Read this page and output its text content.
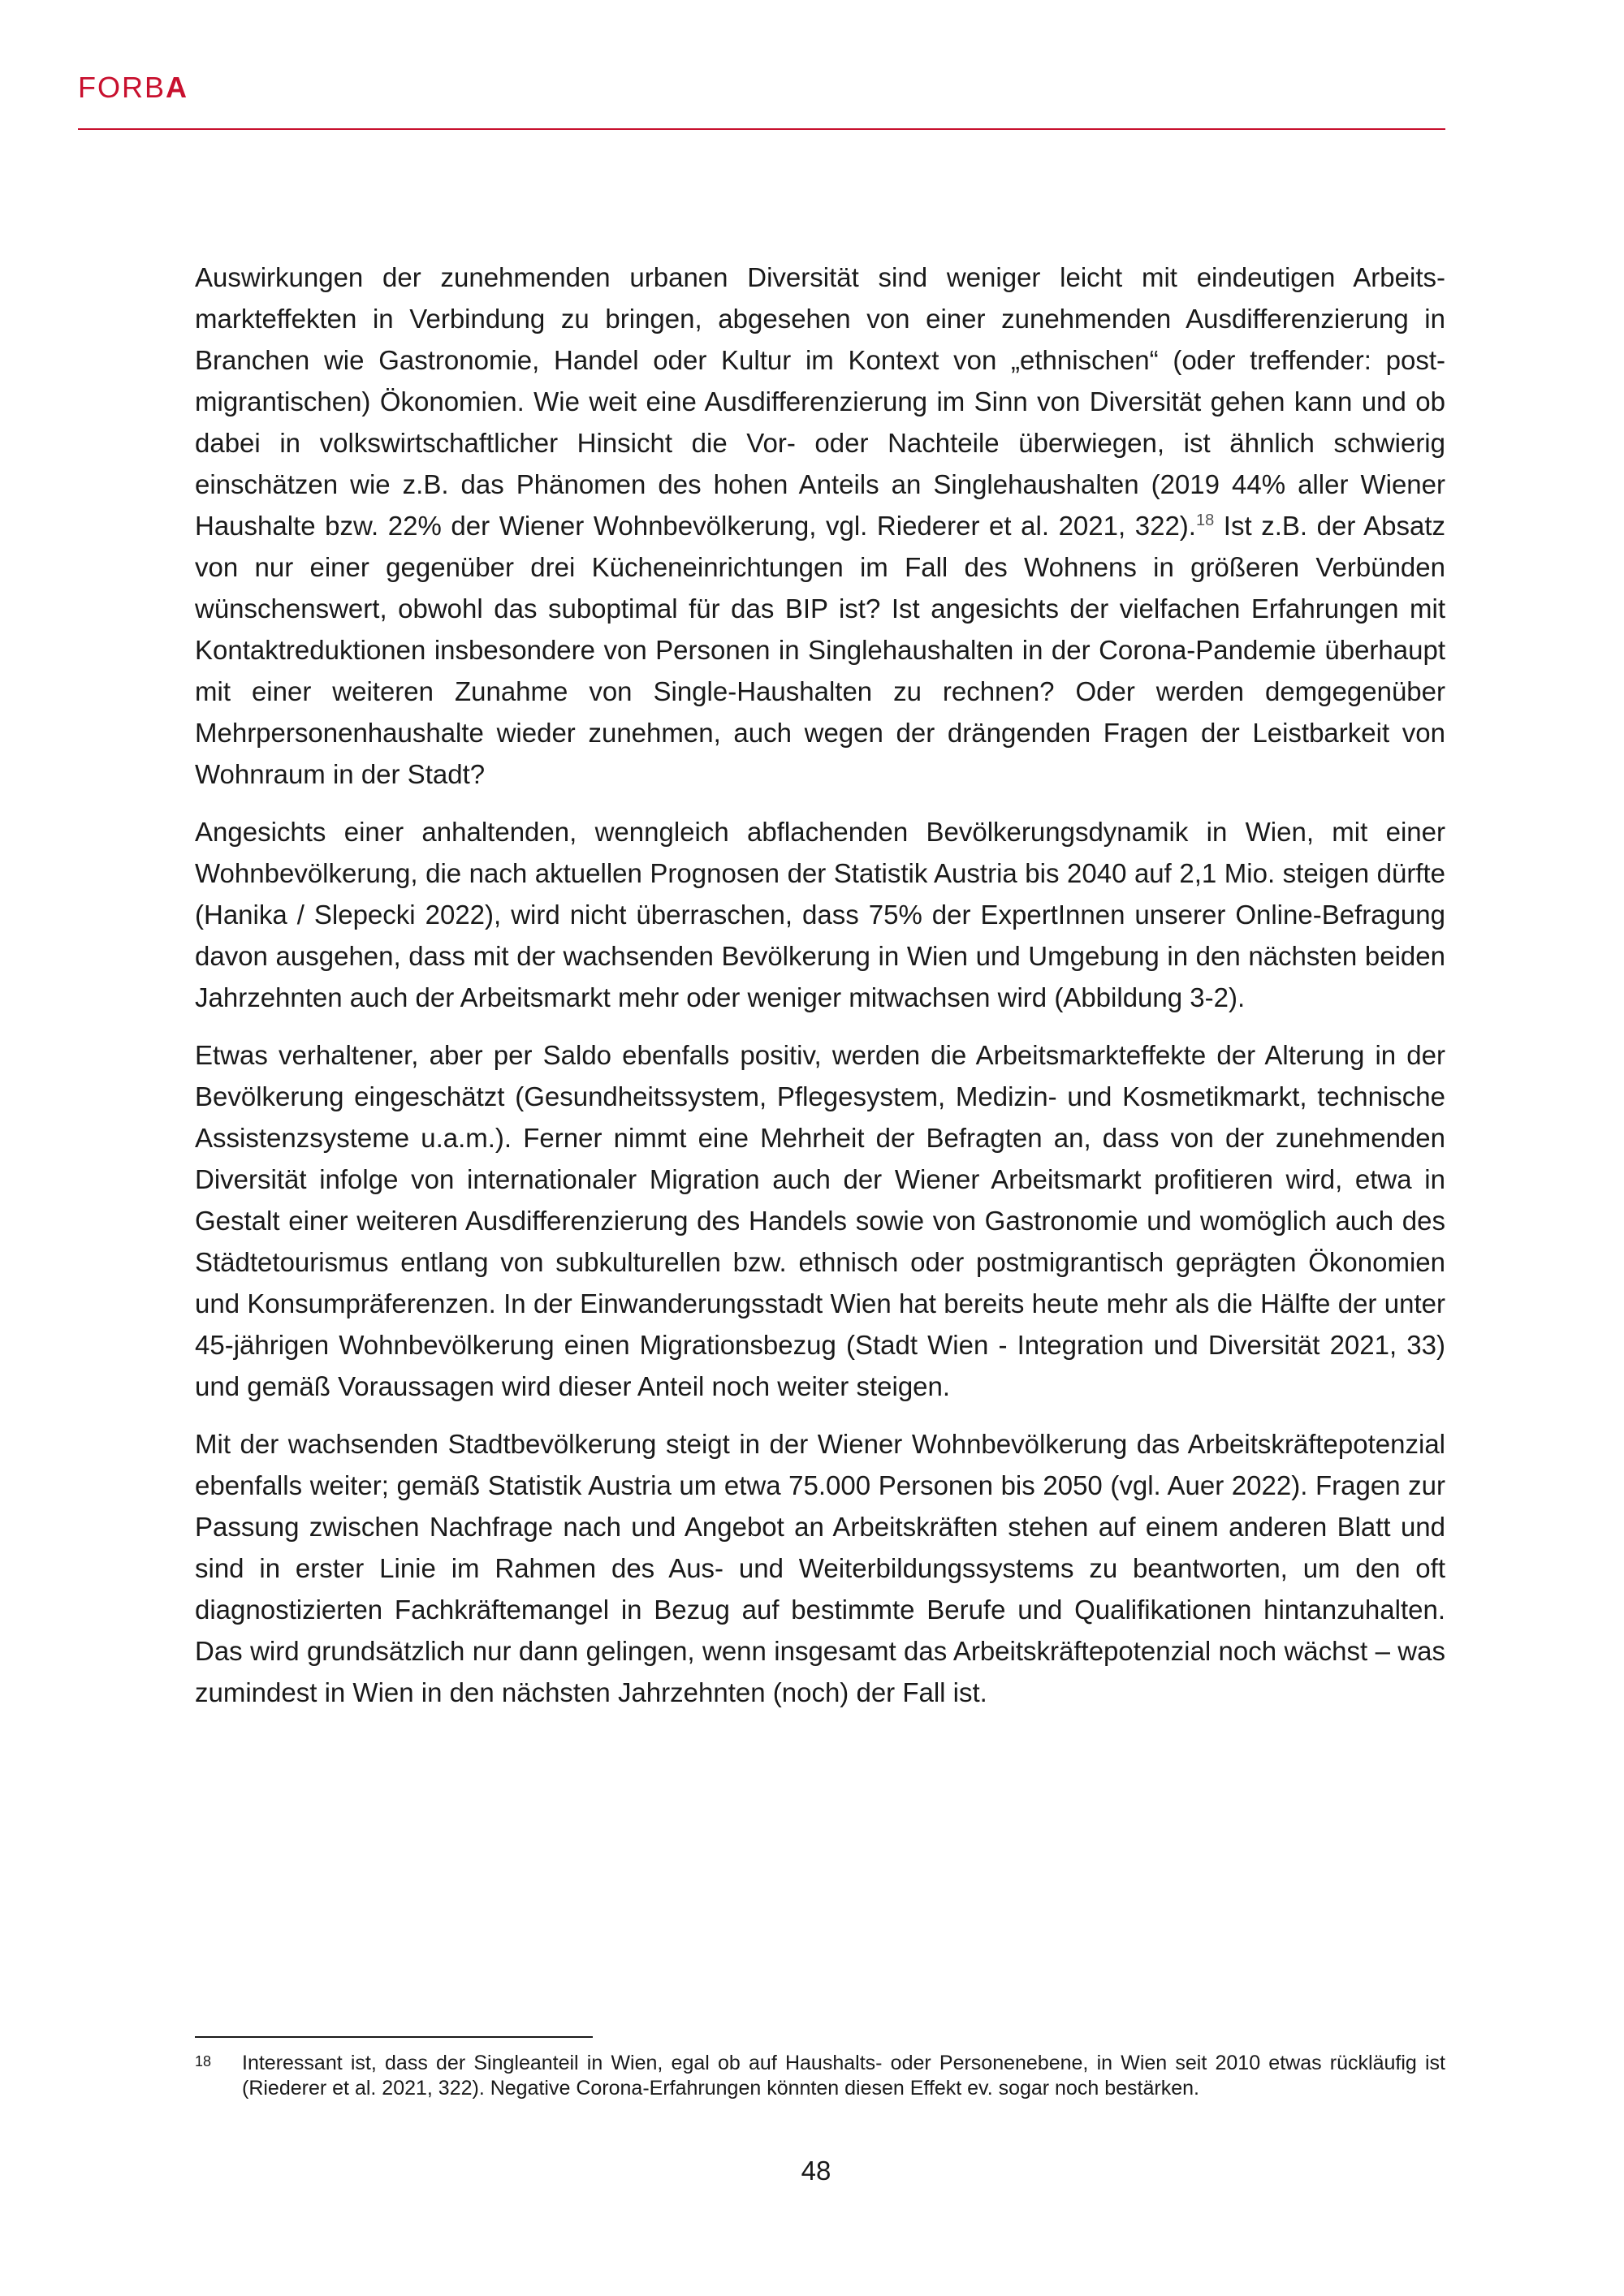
FORBA

Auswirkungen der zunehmenden urbanen Diversität sind weniger leicht mit eindeutigen Arbeitsmarkteffekten in Verbindung zu bringen, abgesehen von einer zunehmenden Ausdifferenzierung in Branchen wie Gastronomie, Handel oder Kultur im Kontext von „ethnischen“ (oder treffender: postmigrantischen) Ökonomien. Wie weit eine Ausdifferenzierung im Sinn von Diversität gehen kann und ob dabei in volkswirtschaftlicher Hinsicht die Vor- oder Nachteile überwiegen, ist ähnlich schwierig einschätzen wie z.B. das Phänomen des hohen Anteils an Singlehaushalten (2019 44% aller Wiener Haushalte bzw. 22% der Wiener Wohnbevölkerung, vgl. Riederer et al. 2021, 322).$^{18}$ Ist z.B. der Absatz von nur einer gegenüber drei Kücheneinrichtungen im Fall des Wohnens in größeren Verbünden wünschenswert, obwohl das suboptimal für das BIP ist? Ist angesichts der vielfachen Erfahrungen mit Kontaktreduktionen insbesondere von Personen in Singlehaushalten in der Corona-Pandemie überhaupt mit einer weiteren Zunahme von Single-Haushalten zu rechnen? Oder werden demgegenüber Mehrpersonenhaushalte wieder zunehmen, auch wegen der drängenden Fragen der Leistbarkeit von Wohnraum in der Stadt?

Angesichts einer anhaltenden, wenngleich abflachenden Bevölkerungsdynamik in Wien, mit einer Wohnbevölkerung, die nach aktuellen Prognosen der Statistik Austria bis 2040 auf 2,1 Mio. steigen dürfte (Hanika / Slepecki 2022), wird nicht überraschen, dass 75% der ExpertInnen unserer Online-Befragung davon ausgehen, dass mit der wachsenden Bevölkerung in Wien und Umgebung in den nächsten beiden Jahrzehnten auch der Arbeitsmarkt mehr oder weniger mitwachsen wird (Abbildung 3-2).

Etwas verhaltener, aber per Saldo ebenfalls positiv, werden die Arbeitsmarkteffekte der Alterung in der Bevölkerung eingeschätzt (Gesundheitssystem, Pflegesystem, Medizin- und Kosmetikmarkt, technische Assistenzsysteme u.a.m.). Ferner nimmt eine Mehrheit der Befragten an, dass von der zunehmenden Diversität infolge von internationaler Migration auch der Wiener Arbeitsmarkt profitieren wird, etwa in Gestalt einer weiteren Ausdifferenzierung des Handels sowie von Gastronomie und womöglich auch des Städtetourismus entlang von subkulturellen bzw. ethnisch oder postmigrantisch geprägten Ökonomien und Konsumpräferenzen. In der Einwanderungsstadt Wien hat bereits heute mehr als die Hälfte der unter 45-jährigen Wohnbevölkerung einen Migrationsbezug (Stadt Wien - Integration und Diversität 2021, 33) und gemäß Voraussagen wird dieser Anteil noch weiter steigen.

Mit der wachsenden Stadtbevölkerung steigt in der Wiener Wohnbevölkerung das Arbeitskräftepotenzial ebenfalls weiter; gemäß Statistik Austria um etwa 75.000 Personen bis 2050 (vgl. Auer 2022). Fragen zur Passung zwischen Nachfrage nach und Angebot an Arbeitskräften stehen auf einem anderen Blatt und sind in erster Linie im Rahmen des Aus- und Weiterbildungssystems zu beantworten, um den oft diagnostizierten Fachkräftemangel in Bezug auf bestimmte Berufe und Qualifikationen hintanzuhalten. Das wird grundsätzlich nur dann gelingen, wenn insgesamt das Arbeitskräftepotenzial noch wächst – was zumindest in Wien in den nächsten Jahrzehnten (noch) der Fall ist.

18	Interessant ist, dass der Singleanteil in Wien, egal ob auf Haushalts- oder Personenebene, in Wien seit 2010 etwas rückläufig ist (Riederer et al. 2021, 322). Negative Corona-Erfahrungen könnten diesen Effekt ev. sogar noch bestärken.
48
